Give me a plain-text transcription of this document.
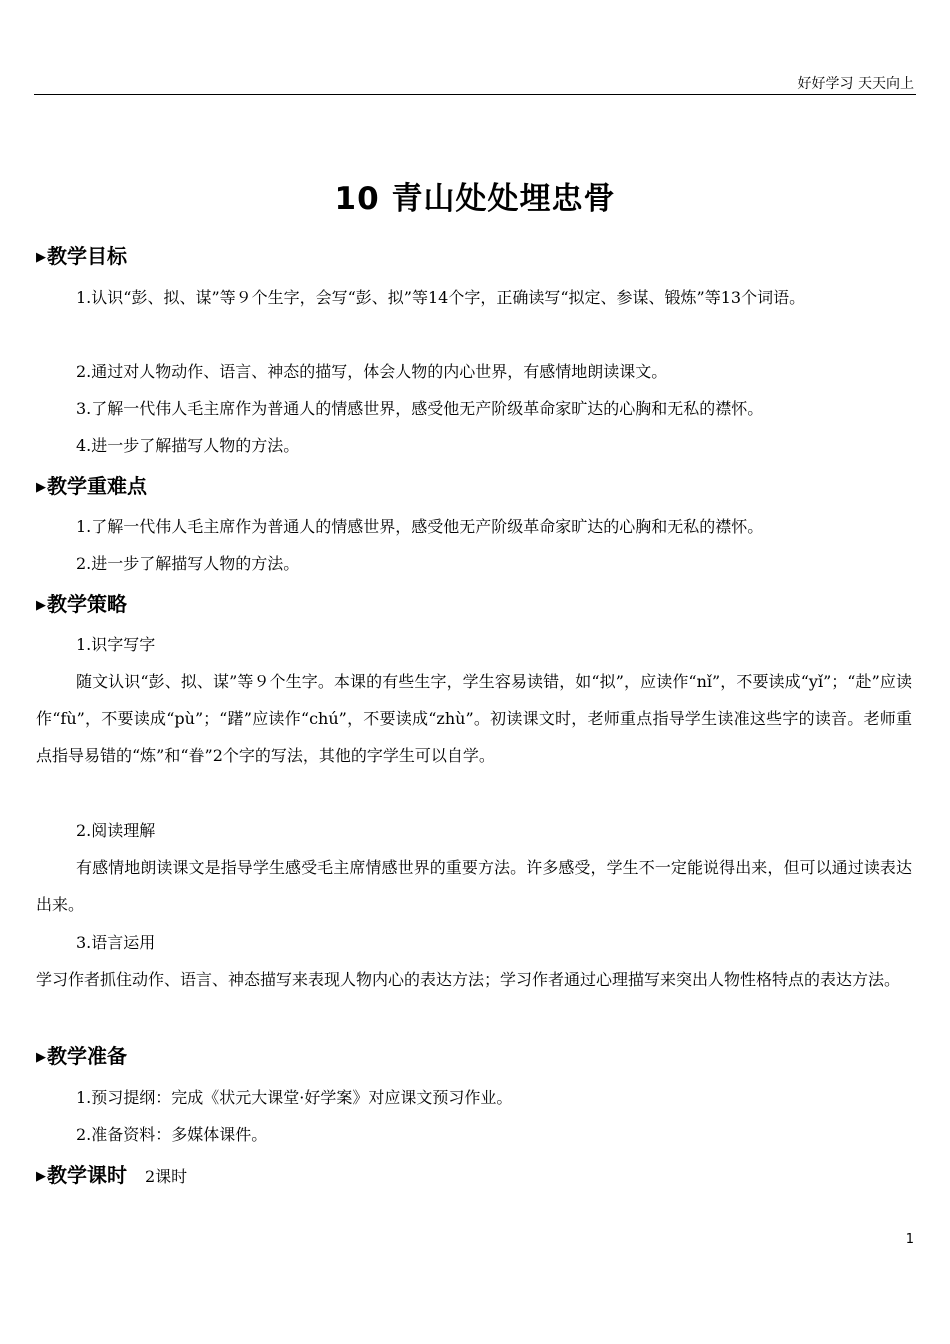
好好学习 天天向上
10 青山处处埋忠骨
▶教学目标
1.认识“彭、拟、谋”等９个生字，会写“彭、拟”等14个字，正确读写“拟定、参谋、锻炼”等13个词语。
2.通过对人物动作、语言、神态的描写，体会人物的内心世界，有感情地朗读课文。
3.了解一代伟人毛主席作为普通人的情感世界，感受他无产阶级革命家旷达的心胸和无私的襟怀。
4.进一步了解描写人物的方法。
▶教学重难点
1.了解一代伟人毛主席作为普通人的情感世界，感受他无产阶级革命家旷达的心胸和无私的襟怀。
2.进一步了解描写人物的方法。
▶教学策略
1.识字写字
随文认识“彭、拟、谋”等９个生字。本课的有些生字，学生容易读错，如“拟”，应读作“nǐ”，不要读成“yǐ”；“赴”应读作“fù”，不要读成“pù”；“躇”应读作“chú”，不要读成“zhù”。初读课文时，老师重点指导学生读准这些字的读音。老师重点指导易错的“炼”和“眷”2个字的写法，其他的字学生可以自学。
2.阅读理解
有感情地朗读课文是指导学生感受毛主席情感世界的重要方法。许多感受，学生不一定能说得出来，但可以通过读表达出来。
3.语言运用
学习作者抓住动作、语言、神态描写来表现人物内心的表达方法；学习作者通过心理描写来突出人物性格特点的表达方法。
▶教学准备
1.预习提纲：完成《状元大课堂·好学案》对应课文预习作业。
2.准备资料：多媒体课件。
▶教学课时 2课时
1
